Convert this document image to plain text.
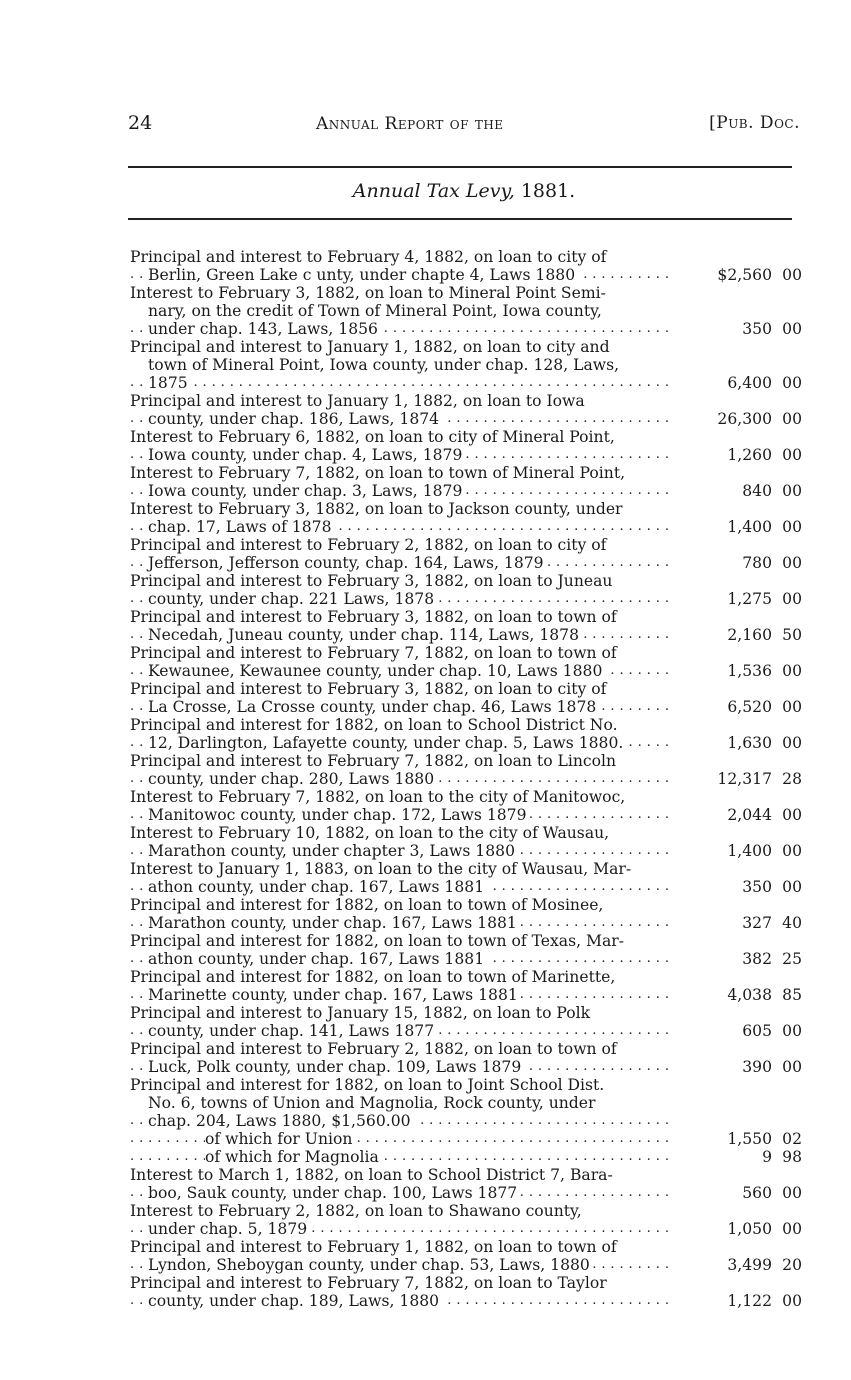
24	Annual Report of the	[Pub. Doc.
Annual Tax Levy, 1881.
Principal and interest to February 4, 1882, on loan to city of
Berlin, Green Lake c unty, under chapte 4, Laws 1880 . . .	$2,560 00
Interest to February 3, 1882, on loan to Mineral Point Semi-
nary, on the credit of Town of Mineral Point, Iowa county,
under chap. 143, Laws, 1856 . . .	350 00
Principal and interest to January 1, 1882, on loan to city and
town of Mineral Point, Iowa county, under chap. 128, Laws,
1875 . . .	6,400 00
Principal and interest to January 1, 1882, on loan to Iowa
county, under chap. 186, Laws, 1874 . . .	26,300 00
Interest to February 6, 1882, on loan to city of Mineral Point,
Iowa county, under chap. 4, Laws, 1879 . . .	1,260 00
Interest to February 7, 1882, on loan to town of Mineral Point,
Iowa county, under chap. 3, Laws, 1879 . . .	840 00
Interest to February 3, 1882, on loan to Jackson county, under
chap. 17, Laws of 1878 . . .	1,400 00
Principal and interest to February 2, 1882, on loan to city of
Jefferson, Jefferson county, chap. 164, Laws, 1879 . . .	780 00
Principal and interest to February 3, 1882, on loan to Juneau
county, under chap. 221 Laws, 1878 . . .	1,275 00
Principal and interest to February 3, 1882, on loan to town of
Necedah, Juneau county, under chap. 114, Laws, 1878 . . .	2,160 50
Principal and interest to February 7, 1882, on loan to town of
Kewaunee, Kewaunee county, under chap. 10, Laws 1880 . . .	1,536 00
Principal and interest to February 3, 1882, on loan to city of
La Crosse, La Crosse county, under chap. 46, Laws 1878 . . .	6,520 00
Principal and interest for 1882, on loan to School District No.
12, Darlington, Lafayette county, under chap. 5, Laws 1880. . . .	1,630 00
Principal and interest to February 7, 1882, on loan to Lincoln
county, under chap. 280, Laws 1880 . . .	12,317 28
Interest to February 7, 1882, on loan to the city of Manitowoc,
Manitowoc county, under chap. 172, Laws 1879 . . .	2,044 00
Interest to February 10, 1882, on loan to the city of Wausau,
Marathon county, under chapter 3, Laws 1880 . . .	1,400 00
Interest to January 1, 1883, on loan to the city of Wausau, Mar-
athon county, under chap. 167, Laws 1881 . . .	350 00
Principal and interest for 1882, on loan to town of Mosinee,
Marathon county, under chap. 167, Laws 1881 . . .	327 40
Principal and interest for 1882, on loan to town of Texas, Mar-
athon county, under chap. 167, Laws 1881 . . .	382 25
Principal and interest for 1882, on loan to town of Marinette,
Marinette county, under chap. 167, Laws 1881 . . .	4,038 85
Principal and interest to January 15, 1882, on loan to Polk
county, under chap. 141, Laws 1877 . . .	605 00
Principal and interest to February 2, 1882, on loan to town of
Luck, Polk county, under chap. 109, Laws 1879 . . .	390 00
Principal and interest for 1882, on loan to Joint School Dist.
No. 6, towns of Union and Magnolia, Rock county, under
chap. 204, Laws 1880, $1,560.00 . . .
of which for Union . . .	1,550 02
of which for Magnolia . . .	9 98
Interest to March 1, 1882, on loan to School District 7, Bara-
boo, Sauk county, under chap. 100, Laws 1877 . . .	560 00
Interest to February 2, 1882, on loan to Shawano county,
under chap. 5, 1879 . . .	1,050 00
Principal and interest to February 1, 1882, on loan to town of
Lyndon, Sheboygan county, under chap. 53, Laws, 1880 . . .	3,499 20
Principal and interest to February 7, 1882, on loan to Taylor
county, under chap. 189, Laws, 1880 . . .	1,122 00
